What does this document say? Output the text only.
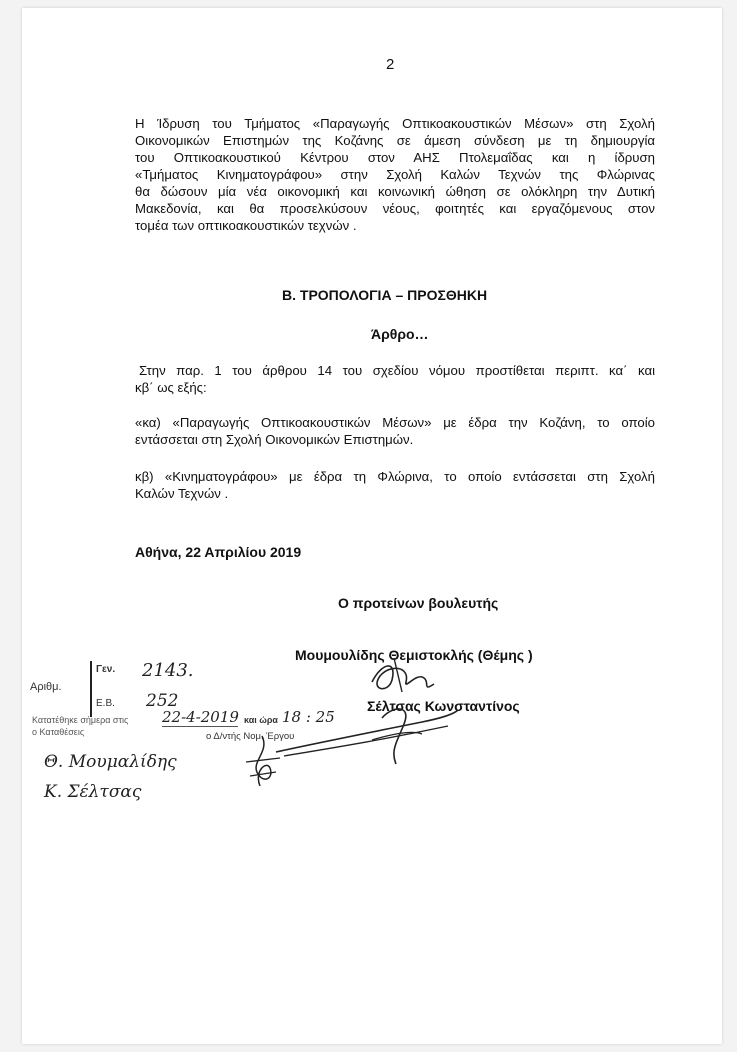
2
Η Ίδρυση του Τμήματος «Παραγωγής Οπτικοακουστικών Μέσων» στη Σχολή
Οικονομικών Επιστημών της Κοζάνης σε άμεση σύνδεση με τη δημιουργία
του Οπτικοακουστικού Κέντρου στον ΑΗΣ Πτολεμαΐδας και η ίδρυση
«Τμήματος Κινηματογράφου» στην Σχολή Καλών Τεχνών της Φλώρινας
θα δώσουν μία νέα οικονομική και κοινωνική ώθηση σε ολόκληρη την Δυτική
Μακεδονία, και θα προσελκύσουν νέους, φοιτητές και εργαζόμενους στον
τομέα των οπτικοακουστικών τεχνών .
Β. ΤΡΟΠΟΛΟΓΙΑ – ΠΡΟΣΘΗΚΗ
Άρθρο…
Στην παρ. 1 του άρθρου 14 του σχεδίου νόμου προστίθεται περιπτ. κα΄ και
κβ΄ ως εξής:
«κα) «Παραγωγής Οπτικοακουστικών Μέσων» με έδρα την Κοζάνη, το οποίο
εντάσσεται στη Σχολή Οικονομικών Επιστημών.
κβ) «Κινηματογράφου» με έδρα τη Φλώρινα, το οποίο εντάσσεται στη Σχολή
Καλών Τεχνών .
Αθήνα, 22 Απριλίου 2019
Ο προτείνων βουλευτής
Μουμουλίδης Θεμιστοκλής (Θέμης )
Σέλτσας Κωνσταντίνος
Αριθμ.
Γεν. 2143.
Ε.Β. 252
Κατατέθηκε σήμερα στις 22-4-2019 και ώρα 18 : 25
ο Καταθέσεις	ο Δ/ντής Νομ. Έργου
Θ. Μουμαλίδης
Κ. Σέλτσας
